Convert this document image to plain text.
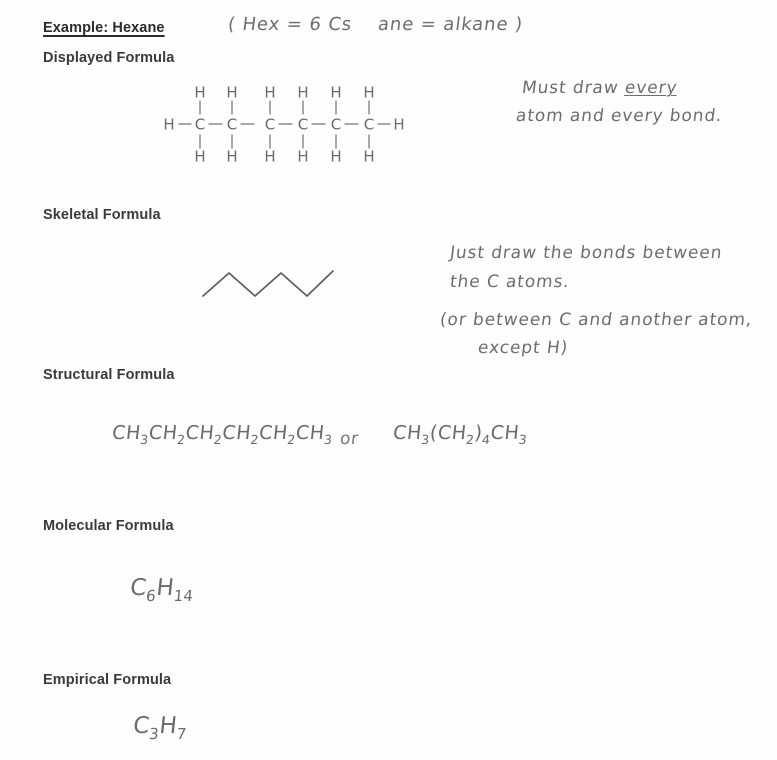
Example: Hexane	( Hex = 6 Cs ane = alkane )
Displayed Formula
Must draw every
atom and every bond.
H C
H
H
C
H
H
C
H
H
C
H
H
C
H
H
C
H
H
H
Skeletal Formula
Just draw the bonds between
the C atoms.
(or between C and another atom,
except H)
Structural Formula
$CH_3CH_2CH_2CH_2CH_2CH_3$ or $CH_3(CH_2)_4CH_3$
Molecular Formula
$C_6H_{14}$
Empirical Formula
$C_3H_7$
